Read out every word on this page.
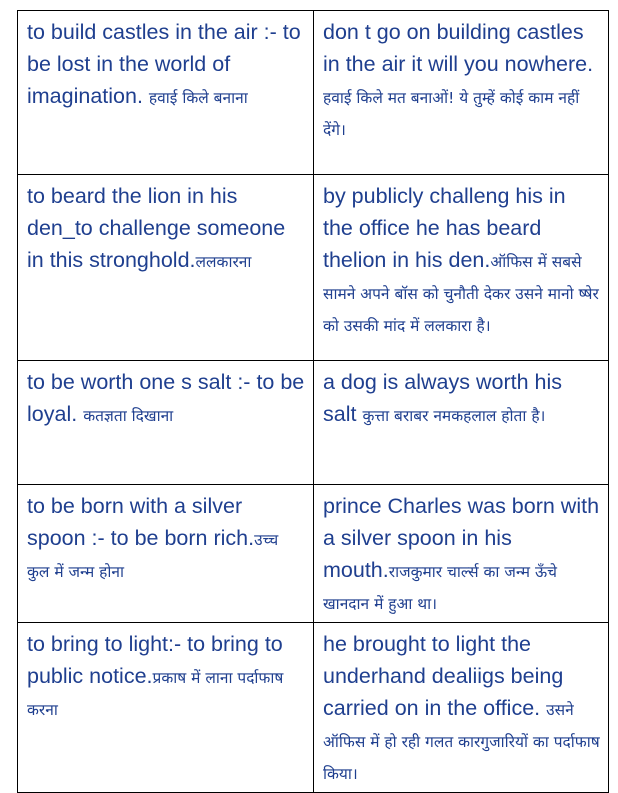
to build castles in the air :- to be lost in the world of imagination. हवाई किले बनाना	don t go on building castles in the air it will you nowhere. हवाई किले मत बनाओं! ये तुम्हें कोई काम नहीं देंगे।
to beard the lion in his den_to challenge someone in this stronghold.ललकारना	by publicly challeng his in the office he has beard thelion in his den.ऑफिस में सबसे सामने अपने बॉस को चुनौती देकर उसने मानो ष्षेर को उसकी मांद में ललकारा है।
to be worth one s salt :- to be loyal. कतज्ञता दिखाना	a dog is always worth his salt कुत्ता बराबर नमकहलाल होता है।
to be born with a silver spoon :- to be born rich.उच्च कुल में जन्म होना	prince Charles was born with a silver spoon in his mouth.राजकुमार चार्ल्स का जन्म ऊँचे खानदान में हुआ था।
to bring to light:- to bring to public notice.प्रकाष में लाना पर्दाफाष करना	he brought to light the underhand dealiigs being carried on in the office. उसने ऑफिस में हो रही गलत कारगुजारियों का पर्दाफाष किया।
